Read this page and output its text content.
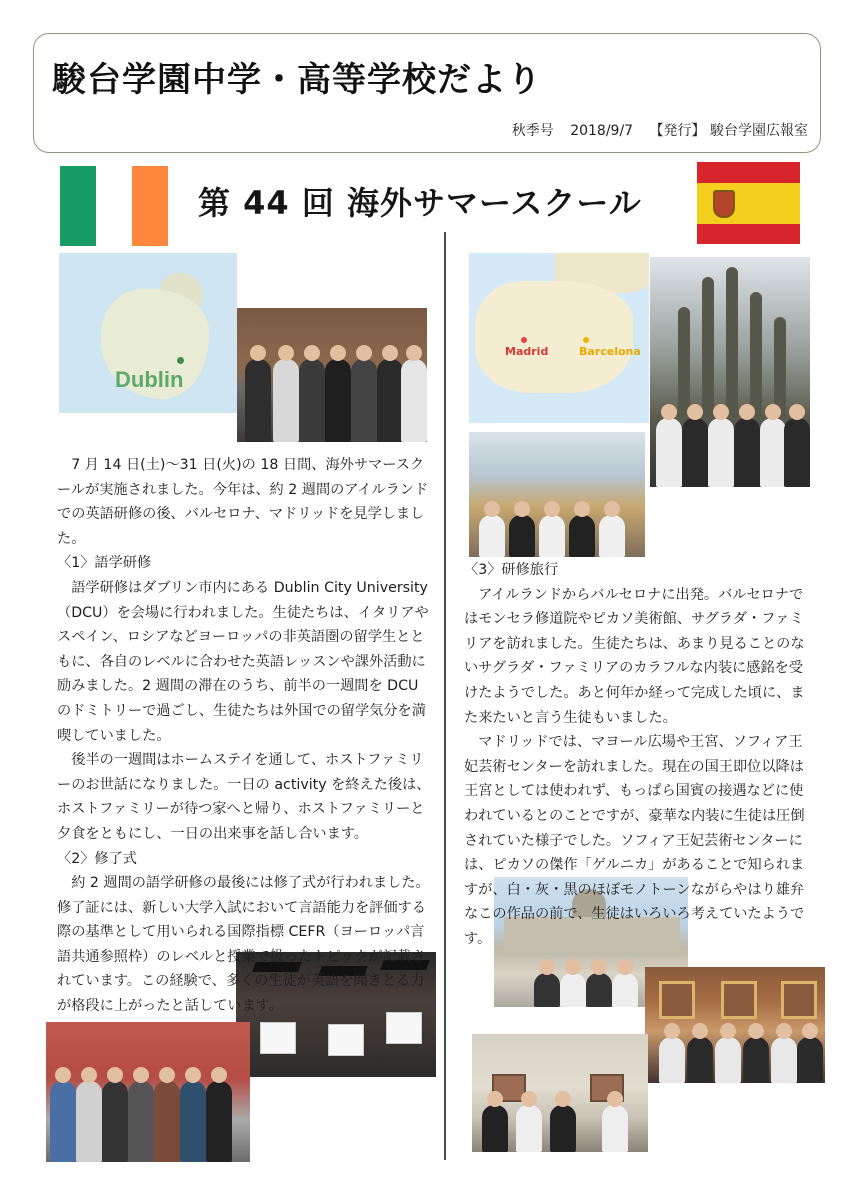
駿台学園中学・高等学校だより
秋季号 2018/9/7 【発行】 駿台学園広報室
第 44 回 海外サマースクール
Dublin
Madrid	Barcelona

7 月 14 日(土)～31 日(火)の 18 日間、海外サマースクールが実施されました。今年は、約 2 週間のアイルランドでの英語研修の後、バルセロナ、マドリッドを見学しました。

〈1〉語学研修

語学研修はダブリン市内にある Dublin City University（DCU）を会場に行われました。生徒たちは、イタリアやスペイン、ロシアなどヨーロッパの非英語圏の留学生とともに、各自のレベルに合わせた英語レッスンや課外活動に励みました。2 週間の滞在のうち、前半の一週間を DCU のドミトリーで過ごし、生徒たちは外国での留学気分を満喫していました。

後半の一週間はホームステイを通して、ホストファミリーのお世話になりました。一日の activity を終えた後は、ホストファミリーが待つ家へと帰り、ホストファミリーと夕食をともにし、一日の出来事を話し合います。

〈2〉修了式

約 2 週間の語学研修の最後には修了式が行われました。修了証には、新しい大学入試において言語能力を評価する際の基準として用いられる国際指標 CEFR（ヨーロッパ言語共通参照枠）のレベルと授業で扱ったトピックが記載されています。この経験で、多くの生徒が英語を聞きとる力が格段に上がったと話しています。

〈3〉研修旅行

アイルランドからバルセロナに出発。バルセロナではモンセラ修道院やピカソ美術館、サグラダ・ファミリアを訪れました。生徒たちは、あまり見ることのないサグラダ・ファミリアのカラフルな内装に感銘を受けたようでした。あと何年か経って完成した頃に、また来たいと言う生徒もいました。

マドリッドでは、マヨール広場や王宮、ソフィア王妃芸術センターを訪れました。現在の国王即位以降は王宮としては使われず、もっぱら国賓の接遇などに使われているとのことですが、豪華な内装に生徒は圧倒されていた様子でした。ソフィア王妃芸術センターには、ピカソの傑作「ゲルニカ」があることで知られますが、白・灰・黒のほぼモノトーンながらやはり雄弁なこの作品の前で、生徒はいろいろ考えていたようです。
